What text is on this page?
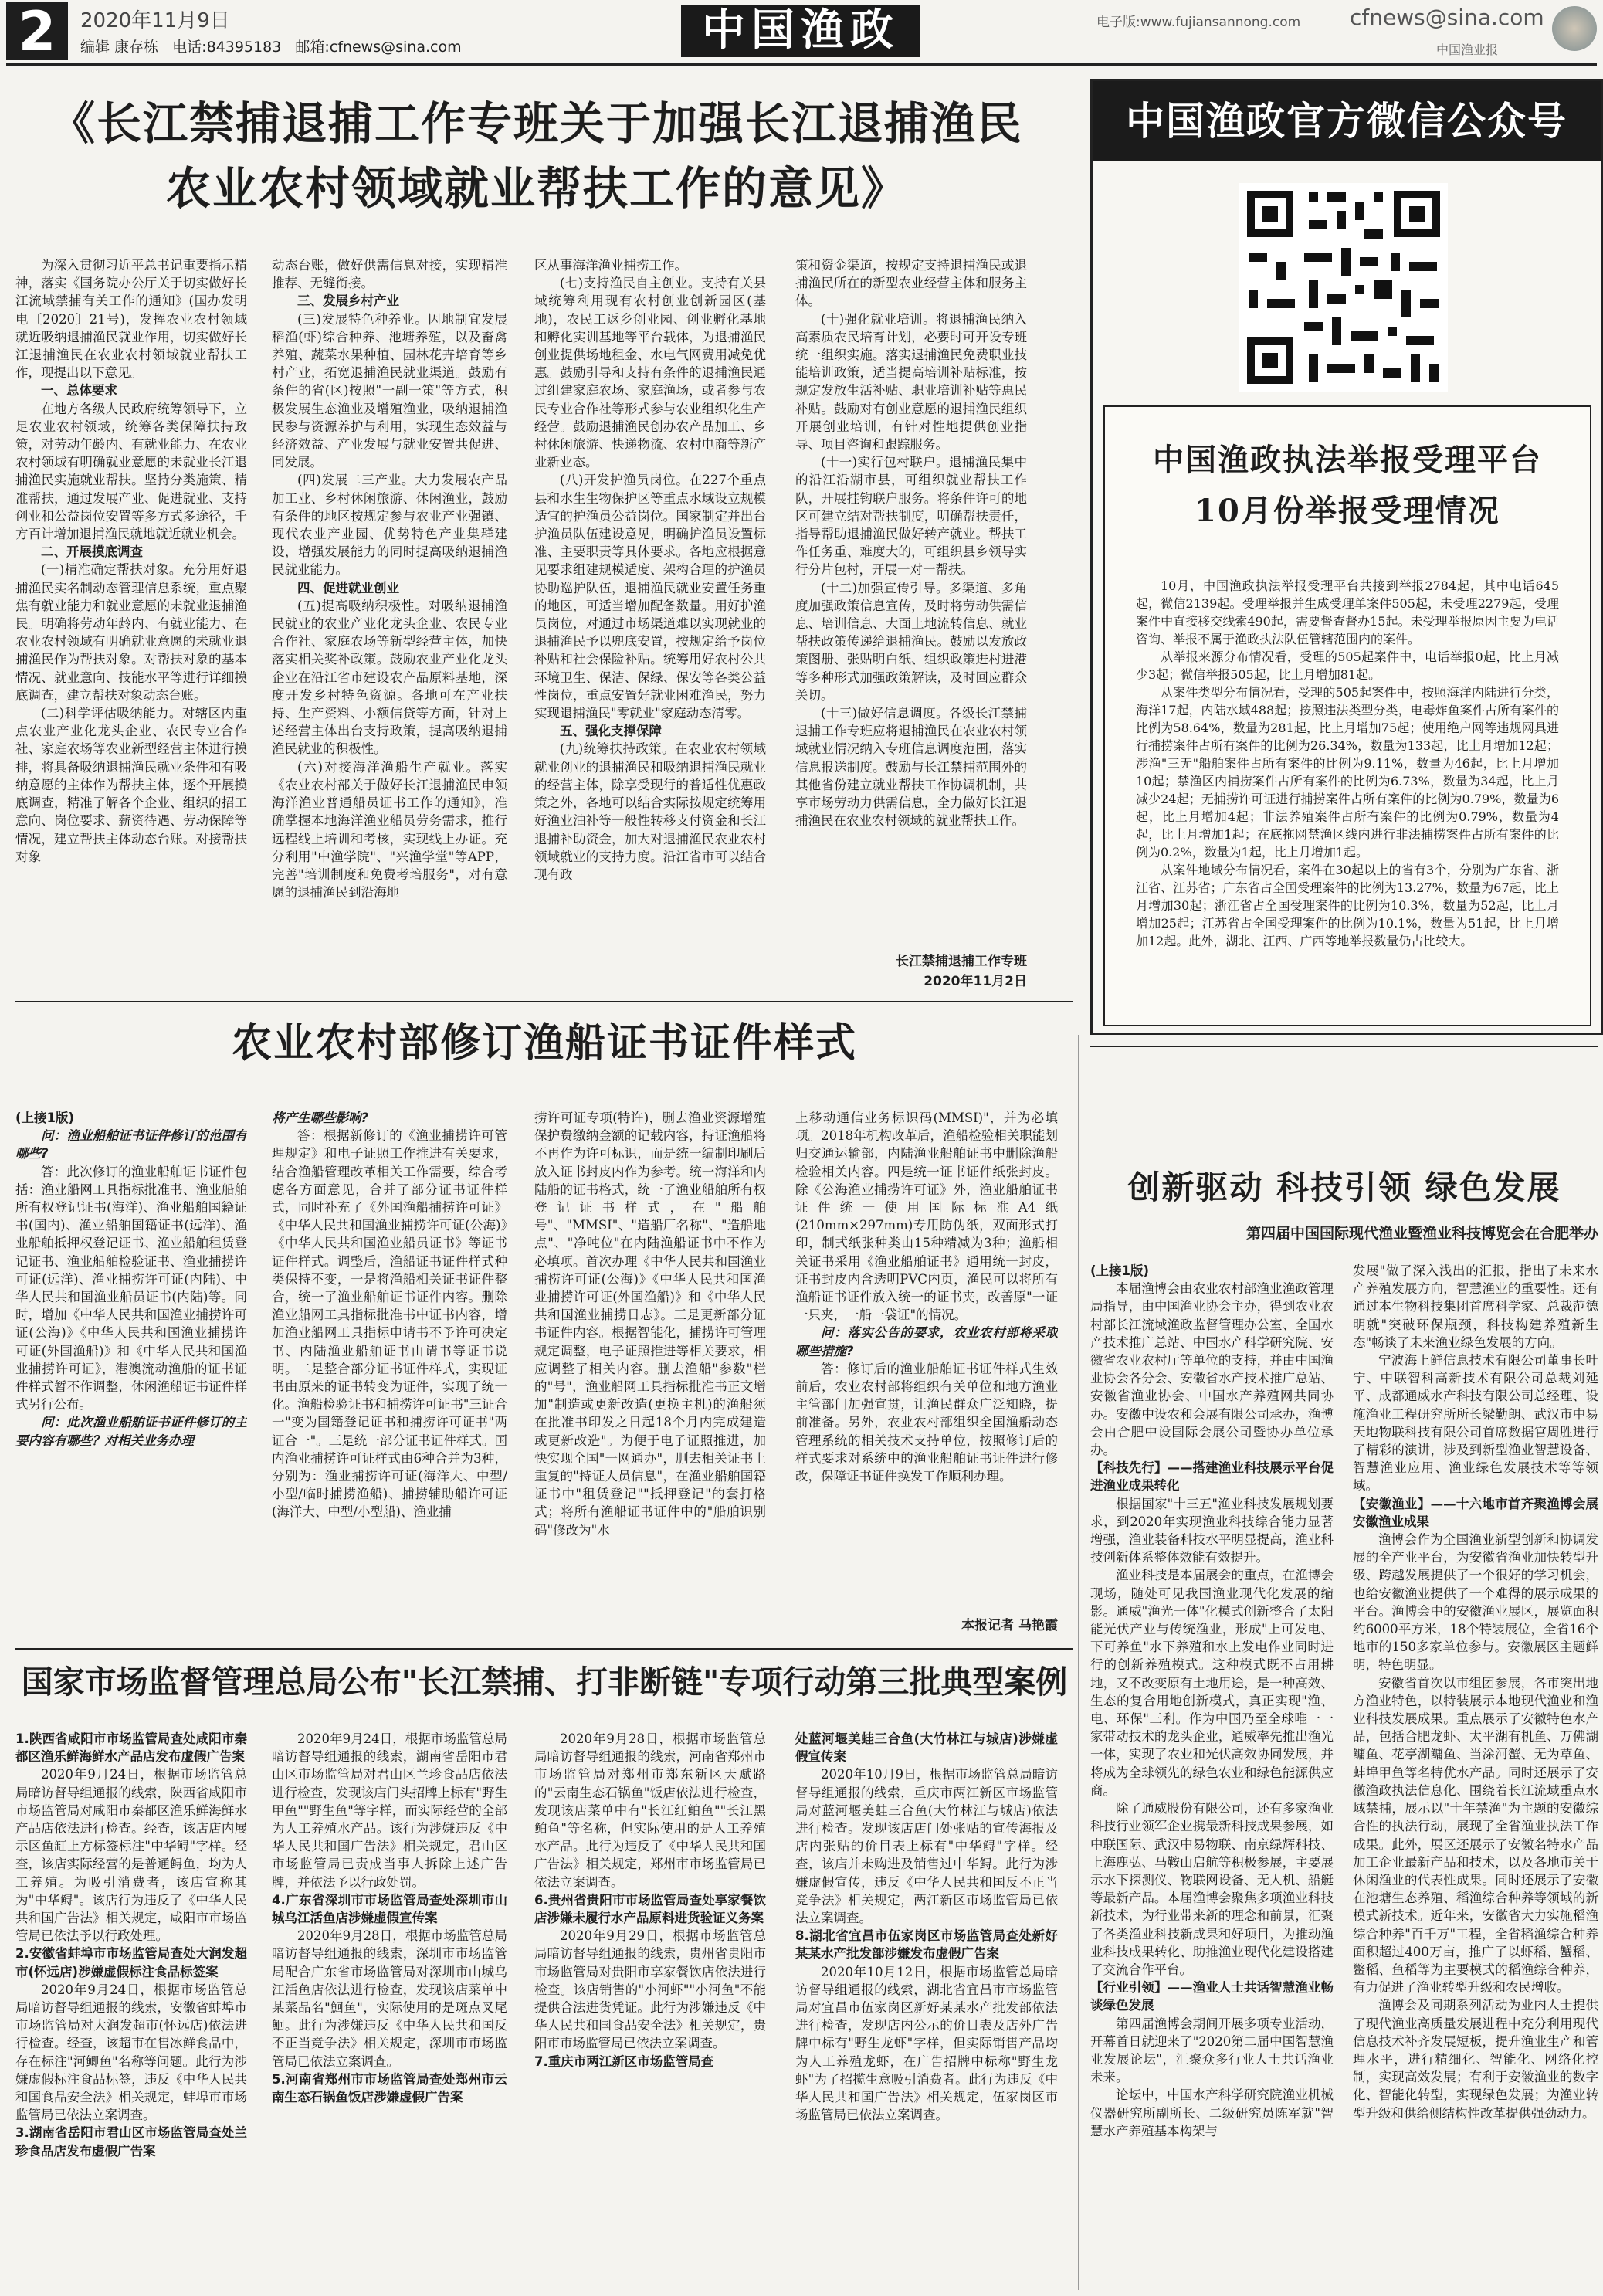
2	2020年11月9日
编辑 康存栋 电话:84395183 邮箱:cfnews@sina.com	中国渔政	电子版:www.fujiansannong.com cfnews@sina.com
中国渔业报
《长江禁捕退捕工作专班关于加强长江退捕渔民
农业农村领域就业帮扶工作的意见》

为深入贯彻习近平总书记重要指示精神，落实《国务院办公厅关于切实做好长江流域禁捕有关工作的通知》(国办发明电〔2020〕21号)，发挥农业农村领域就近吸纳退捕渔民就业作用，切实做好长江退捕渔民在农业农村领域就业帮扶工作，现提出以下意见。

一、总体要求

在地方各级人民政府统筹领导下，立足农业农村领域，统筹各类保障扶持政策，对劳动年龄内、有就业能力、在农业农村领域有明确就业意愿的未就业长江退捕渔民实施就业帮扶。坚持分类施策、精准帮扶，通过发展产业、促进就业、支持创业和公益岗位安置等多方式多途径，千方百计增加退捕渔民就地就近就业机会。

二、开展摸底调查

(一)精准确定帮扶对象。充分用好退捕渔民实名制动态管理信息系统，重点聚焦有就业能力和就业意愿的未就业退捕渔民。明确将劳动年龄内、有就业能力、在农业农村领域有明确就业意愿的未就业退捕渔民作为帮扶对象。对帮扶对象的基本情况、就业意向、技能水平等进行详细摸底调查，建立帮扶对象动态台账。

(二)科学评估吸纳能力。对辖区内重点农业产业化龙头企业、农民专业合作社、家庭农场等农业新型经营主体进行摸排，将具备吸纳退捕渔民就业条件和有吸纳意愿的主体作为帮扶主体，逐个开展摸底调查，精准了解各个企业、组织的招工意向、岗位要求、薪资待遇、劳动保障等情况，建立帮扶主体动态台账。对接帮扶对象

动态台账，做好供需信息对接，实现精准推荐、无缝衔接。

三、发展乡村产业

(三)发展特色种养业。因地制宜发展稻渔(虾)综合种养、池塘养殖，以及畜禽养殖、蔬菜水果种植、园林花卉培育等乡村产业，拓宽退捕渔民就业渠道。鼓励有条件的省(区)按照"一副一策"等方式，积极发展生态渔业及增殖渔业，吸纳退捕渔民参与资源养护与利用，实现生态效益与经济效益、产业发展与就业安置共促进、同发展。

(四)发展二三产业。大力发展农产品加工业、乡村休闲旅游、休闲渔业，鼓励有条件的地区按规定参与农业产业强镇、现代农业产业园、优势特色产业集群建设，增强发展能力的同时提高吸纳退捕渔民就业能力。

四、促进就业创业

(五)提高吸纳积极性。对吸纳退捕渔民就业的农业产业化龙头企业、农民专业合作社、家庭农场等新型经营主体，加快落实相关奖补政策。鼓励农业产业化龙头企业在沿江省市建设农产品原料基地，深度开发乡村特色资源。各地可在产业扶持、生产资料、小额信贷等方面，针对上述经营主体出台支持政策，提高吸纳退捕渔民就业的积极性。

(六)对接海洋渔船生产就业。落实《农业农村部关于做好长江退捕渔民申领海洋渔业普通船员证书工作的通知》，准确掌握本地海洋渔业船员劳务需求，推行远程线上培训和考核，实现线上办证。充分利用"中渔学院"、"兴渔学堂"等APP，完善"培训制度和免费考培服务"，对有意愿的退捕渔民到沿海地

区从事海洋渔业捕捞工作。

(七)支持渔民自主创业。支持有关县域统筹利用现有农村创业创新园区(基地)，农民工返乡创业园、创业孵化基地和孵化实训基地等平台载体，为退捕渔民创业提供场地租金、水电气网费用减免优惠。鼓励引导和支持有条件的退捕渔民通过组建家庭农场、家庭渔场，或者参与农民专业合作社等形式参与农业组织化生产经营。鼓励退捕渔民创办农产品加工、乡村休闲旅游、快递物流、农村电商等新产业新业态。

(八)开发护渔员岗位。在227个重点县和水生生物保护区等重点水域设立规模适宜的护渔员公益岗位。国家制定并出台护渔员队伍建设意见，明确护渔员设置标准、主要职责等具体要求。各地应根据意见要求组建规模适度、架构合理的护渔员协助巡护队伍，退捕渔民就业安置任务重的地区，可适当增加配备数量。用好护渔员岗位，对通过市场渠道难以实现就业的退捕渔民予以兜底安置，按规定给予岗位补贴和社会保险补贴。统筹用好农村公共环境卫生、保洁、保绿、保安等各类公益性岗位，重点安置好就业困难渔民，努力实现退捕渔民"零就业"家庭动态清零。

五、强化支撑保障

(九)统筹扶持政策。在农业农村领域就业创业的退捕渔民和吸纳退捕渔民就业的经营主体，除享受现行的普适性优惠政策之外，各地可以结合实际按规定统筹用好渔业油补等一般性转移支付资金和长江退捕补助资金，加大对退捕渔民农业农村领域就业的支持力度。沿江省市可以结合现有政

策和资金渠道，按规定支持退捕渔民或退捕渔民所在的新型农业经营主体和服务主体。

(十)强化就业培训。将退捕渔民纳入高素质农民培育计划，必要时可开设专班统一组织实施。落实退捕渔民免费职业技能培训政策，适当提高培训补贴标准，按规定发放生活补贴、职业培训补贴等惠民补贴。鼓励对有创业意愿的退捕渔民组织开展创业培训，有针对性地提供创业指导、项目咨询和跟踪服务。

(十一)实行包村联户。退捕渔民集中的沿江沿湖市县，可组织就业帮扶工作队，开展挂钩联户服务。将条件许可的地区可建立结对帮扶制度，明确帮扶责任，指导帮助退捕渔民做好转产就业。帮扶工作任务重、难度大的，可组织县乡领导实行分片包村，开展一对一帮扶。

(十二)加强宣传引导。多渠道、多角度加强政策信息宣传，及时将劳动供需信息、培训信息、大面上地流转信息、就业帮扶政策传递给退捕渔民。鼓励以发放政策图册、张贴明白纸、组织政策进村进港等多种形式加强政策解读，及时回应群众关切。

(十三)做好信息调度。各级长江禁捕退捕工作专班应将退捕渔民在农业农村领域就业情况纳入专班信息调度范围，落实信息报送制度。鼓励与长江禁捕范围外的其他省份建立就业帮扶工作协调机制，共享市场劳动力供需信息，全力做好长江退捕渔民在农业农村领域的就业帮扶工作。

长江禁捕退捕工作专班
2020年11月2日
中国渔政官方微信公众号
中国渔政执法举报受理平台
10月份举报受理情况

10月，中国渔政执法举报受理平台共接到举报2784起，其中电话645起，微信2139起。受理举报并生成受理单案件505起，未受理2279起，受理案件中直接移交线索490起，需要督查督办15起。未受理举报原因主要为电话咨询、举报不属于渔政执法队伍管辖范围内的案件。

从举报来源分布情况看，受理的505起案件中，电话举报0起，比上月减少3起；微信举报505起，比上月增加81起。

从案件类型分布情况看，受理的505起案件中，按照海洋内陆进行分类，海洋17起，内陆水域488起；按照违法类型分类，电毒炸鱼案件占所有案件的比例为58.64%，数量为281起，比上月增加75起；使用绝户网等违规网具进行捕捞案件占所有案件的比例为26.34%，数量为133起，比上月增加12起；涉渔"三无"船舶案件占所有案件的比例为9.11%，数量为46起，比上月增加10起；禁渔区内捕捞案件占所有案件的比例为6.73%，数量为34起，比上月减少24起；无捕捞许可证进行捕捞案件占所有案件的比例为0.79%，数量为6起，比上月增加4起；非法养殖案件占所有案件的比例为0.79%，数量为4起，比上月增加1起；在底拖网禁渔区线内进行非法捕捞案件占所有案件的比例为0.2%，数量为1起，比上月增加1起。

从案件地域分布情况看，案件在30起以上的省有3个，分别为广东省、浙江省、江苏省；广东省占全国受理案件的比例为13.27%，数量为67起，比上月增加30起；浙江省占全国受理案件的比例为10.3%，数量为52起，比上月增加25起；江苏省占全国受理案件的比例为10.1%，数量为51起，比上月增加12起。此外，湖北、江西、广西等地举报数量仍占比较大。

农业农村部修订渔船证书证件样式

(上接1版)

问：渔业船舶证书证件修订的范围有哪些?

答：此次修订的渔业船舶证书证件包括：渔业船网工具指标批准书、渔业船舶所有权登记证书(海洋)、渔业船舶国籍证书(国内)、渔业船舶国籍证书(远洋)、渔业船舶抵押权登记证书、渔业船舶租赁登记证书、渔业船舶检验证书、渔业捕捞许可证(远洋)、渔业捕捞许可证(内陆)、中华人民共和国渔业船员证书(内陆)等。同时，增加《中华人民共和国渔业捕捞许可证(公海)》《中华人民共和国渔业捕捞许可证(外国渔船)》和《中华人民共和国渔业捕捞许可证》，港澳流动渔船的证书证件样式暂不作调整，休闲渔船证书证件样式另行公布。

问：此次渔业船舶证书证件修订的主要内容有哪些？对相关业务办理

将产生哪些影响?

答：根据新修订的《渔业捕捞许可管理规定》和电子证照工作推进有关要求，结合渔船管理改革相关工作需要，综合考虑各方面意见，合并了部分证书证件样式，同时补充了《外国渔船捕捞许可证》《中华人民共和国渔业捕捞许可证(公海)》《中华人民共和国渔业船员证书》等证书证件样式。调整后，渔船证书证件样式种类保持不变，一是将渔船相关证书证件整合，统一了渔业船舶证书证件内容。删除渔业船网工具指标批准书中证书内容，增加渔业船网工具指标申请书不予许可决定书、内陆渔业船舶证书由请书等证书说明。二是整合部分证书证件样式，实现证书由原来的证书转变为证件，实现了统一化。渔船检验证书和捕捞许可证书"三证合一"变为国籍登记证书和捕捞许可证书"两证合一"。三是统一部分证书证件样式。国内渔业捕捞许可证样式由6种合并为3种，分别为：渔业捕捞许可证(海洋大、中型/小型/临时捕捞渔船)、捕捞辅助船许可证(海洋大、中型/小型船)、渔业捕

捞许可证专项(特许)，删去渔业资源增殖保护费缴纳金额的记载内容，持证渔船将不再作为许可标识，而是统一编制印刷后放入证书封皮内作为参考。统一海洋和内陆船的证书格式，统一了渔业船舶所有权登记证书样式，在"船舶号"、"MMSI"、"造船厂名称"、"造船地点"、"净吨位"在内陆渔船证书中不作为必填项。首次办理《中华人民共和国渔业捕捞许可证(公海)》《中华人民共和国渔业捕捞许可证(外国渔船)》和《中华人民共和国渔业捕捞日志》。三是更新部分证书证件内容。根据智能化，捕捞许可管理规定调整，电子证照推进等相关要求，相应调整了相关内容。删去渔船"参数"栏的"号"，渔业船网工具指标批准书正文增加"制造或更新改造(更换主机)的渔船须在批准书印发之日起18个月内完成建造或更新改造"。为便于电子证照推进，加快实现全国"一网通办"，删去相关证书上重复的"持证人员信息"，在渔业船舶国籍证书中"租赁登记""抵押登记"的套打格式；将所有渔船证书证件中的"船舶识别码"修改为"水

上移动通信业务标识码(MMSI)"，并为必填项。2018年机构改革后，渔船检验相关职能划归交通运输部，内陆渔业船舶证书中删除渔船检验相关内容。四是统一证书证件纸张封皮。除《公海渔业捕捞许可证》外，渔业船舶证书证件统一使用国际标准A4纸(210mm×297mm)专用防伪纸，双面形式打印，制式纸张种类由15种精减为3种；渔船相关证书采用《渔业船舶证书》通用统一封皮，证书封皮内含透明PVC内页，渔民可以将所有渔船证书证件放入统一的证书夹，改善原"一证一只夹，一船一袋证"的情况。

问：落实公告的要求，农业农村部将采取哪些措施?

答：修订后的渔业船舶证书证件样式生效前后，农业农村部将组织有关单位和地方渔业主管部门加强宣贯，让渔民群众广泛知晓，提前准备。另外，农业农村部组织全国渔船动态管理系统的相关技术支持单位，按照修订后的样式要求对系统中的渔业船舶证书证件进行修改，保障证书证件换发工作顺利办理。

本报记者 马艳霞
创新驱动 科技引领 绿色发展
第四届中国国际现代渔业暨渔业科技博览会在合肥举办

(上接1版)

本届渔博会由农业农村部渔业渔政管理局指导，由中国渔业协会主办，得到农业农村部长江流域渔政监督管理办公室、全国水产技术推广总站、中国水产科学研究院、安徽省农业农村厅等单位的支持，并由中国渔业协会各分会、安徽省水产技术推广总站、安徽省渔业协会、中国水产养殖网共同协办。安徽中设农和会展有限公司承办，渔博会由合肥中设国际会展公司暨协办单位承办。

【科技先行】——搭建渔业科技展示平台促进渔业成果转化

根据国家"十三五"渔业科技发展规划要求，到2020年实现渔业科技综合能力显著增强，渔业装备科技水平明显提高，渔业科技创新体系整体效能有效提升。

渔业科技是本届展会的重点，在渔博会现场，随处可见我国渔业现代化发展的缩影。通威"渔光一体"化模式创新整合了太阳能光伏产业与传统渔业，形成"上可发电、下可养鱼"水下养殖和水上发电作业同时进行的创新养殖模式。这种模式既不占用耕地，又不改变原有土地用途，是一种高效、生态的复合用地创新模式，真正实现"渔、电、环保"三利。作为中国乃至全球唯一一家带动技术的龙头企业，通威率先推出渔光一体，实现了农业和光伏高效协同发展，并将成为全球领先的绿色农业和绿色能源供应商。

除了通威股份有限公司，还有多家渔业科技行业领军企业携最新科技成果参展，如中联国际、武汉中易物联、南京绿辉科技、上海鹿弘、马鞍山启航等积极参展，主要展示水下探测仪、物联网设备、无人机、船艇等最新产品。本届渔博会聚焦多项渔业科技新技术，为行业带来新的理念和前景，汇聚了各类渔业科技新成果和好项目，为推动渔业科技成果转化、助推渔业现代化建设搭建了交流合作平台。

【行业引领】——渔业人士共话智慧渔业畅谈绿色发展

第四届渔博会期间开展多项专业活动，开幕首日就迎来了"2020第二届中国智慧渔业发展论坛"，汇聚众多行业人士共话渔业未来。

论坛中，中国水产科学研究院渔业机械仪器研究所副所长、二级研究员陈军就"智慧水产养殖基本构架与

发展"做了深入浅出的汇报，指出了未来水产养殖发展方向，智慧渔业的重要性。还有通过本生物科技集团首席科学家、总裁范德明就"突破环保瓶颈，科技构建养殖新生态"畅谈了未来渔业绿色发展的方向。

宁波海上鲜信息技术有限公司董事长叶宁、中联智科高新技术有限公司总裁刘延平、成都通威水产科技有限公司总经理、设施渔业工程研究所所长梁勤朗、武汉市中易天地物联科技有限公司首席数据官周胜进行了精彩的演讲，涉及到新型渔业智慧设备、智慧渔业应用、渔业绿色发展技术等等领域。

【安徽渔业】——十六地市首齐聚渔博会展安徽渔业成果

渔博会作为全国渔业新型创新和协调发展的全产业平台，为安徽省渔业加快转型升级、跨越发展提供了一个很好的学习机会，也给安徽渔业提供了一个难得的展示成果的平台。渔博会中的安徽渔业展区，展览面积约6000平方米，18个特装展位，全省16个地市的150多家单位参与。安徽展区主题鲜明，特色明显。

安徽省首次以市组团参展，各市突出地方渔业特色，以特装展示本地现代渔业和渔业科技发展成果。重点展示了安徽特色水产品，包括合肥龙虾、太平湖有机鱼、万佛湖鳙鱼、花亭湖鳙鱼、当涂河蟹、无为草鱼、蚌埠甲鱼等名特优水产品。同时还展示了安徽渔政执法信息化、围绕着长江流域重点水域禁捕，展示以"十年禁渔"为主题的安徽综合性的执法行动，展现了全省渔业执法工作成果。此外，展区还展示了安徽名特水产品加工企业最新产品和技术，以及各地市关于休闲渔业的代表性成果。同时还展示了安徽在池塘生态养殖、稻渔综合种养等领域的新模式新技术。近年来，安徽省大力实施稻渔综合种养"百千万"工程，全省稻渔综合种养面积超过400万亩，推广了以虾稻、蟹稻、鳖稻、鱼稻等为主要模式的稻渔综合种养，有力促进了渔业转型升级和农民增收。

渔博会及同期系列活动为业内人士提供了现代渔业高质量发展进程中充分利用现代信息技术补齐发展短板，提升渔业生产和管理水平，进行精细化、智能化、网络化控制，实现高效发展；有利于安徽渔业的数字化、智能化转型，实现绿色发展；为渔业转型升级和供给侧结构性改革提供强劲动力。

国家市场监督管理总局公布"长江禁捕、打非断链"专项行动第三批典型案例

1.陕西省咸阳市市场监管局查处咸阳市秦都区渔乐鲜海鲜水产品店发布虚假广告案

2020年9月24日，根据市场监管总局暗访督导组通报的线索，陕西省咸阳市市场监管局对咸阳市秦都区渔乐鲜海鲜水产品店依法进行检查。经查，该店店内展示区鱼缸上方标签标注"中华鲟"字样。经查，该店实际经营的是普通鲟鱼，均为人工养殖。为吸引消费者，该店宣称其为"中华鲟"。该店行为违反了《中华人民共和国广告法》相关规定，咸阳市市场监管局已依法予以行政处理。

2.安徽省蚌埠市市场监管局查处大润发超市(怀远店)涉嫌虚假标注食品标签案

2020年9月24日，根据市场监管总局暗访督导组通报的线索，安徽省蚌埠市市场监管局对大润发超市(怀远店)依法进行检查。经查，该超市在售冰鲜食品中，存在标注"河鲫鱼"名称等问题。此行为涉嫌虚假标注食品标签，违反《中华人民共和国食品安全法》相关规定，蚌埠市市场监管局已依法立案调查。

3.湖南省岳阳市君山区市场监管局查处兰珍食品店发布虚假广告案

2020年9月24日，根据市场监管总局暗访督导组通报的线索，湖南省岳阳市君山区市场监管局对君山区兰珍食品店依法进行检查，发现该店门头招牌上标有"野生甲鱼""野生鱼"等字样，而实际经营的全部为人工养殖水产品。该行为涉嫌违反《中华人民共和国广告法》相关规定，君山区市场监管局已责成当事人拆除上述广告牌，并依法予以行政处罚。

4.广东省深圳市市场监管局查处深圳市山城乌江活鱼店涉嫌虚假宣传案

2020年9月28日，根据市场监管总局暗访督导组通报的线索，深圳市市场监管局配合广东省市场监管局对深圳市山城乌江活鱼店依法进行检查，发现该店菜单中某菜品名"鮰鱼"，实际使用的是斑点叉尾鮰。此行为涉嫌违反《中华人民共和国反不正当竞争法》相关规定，深圳市市场监管局已依法立案调查。

5.河南省郑州市市场监管局查处郑州市云南生态石锅鱼饭店涉嫌虚假广告案

2020年9月28日，根据市场监管总局暗访督导组通报的线索，河南省郑州市市场监管局对郑州市郑东新区天赋路的"云南生态石锅鱼"饭店依法进行检查，发现该店菜单中有"长江红鲌鱼""长江黑鲌鱼"等名称，但实际使用的是人工养殖水产品。此行为违反了《中华人民共和国广告法》相关规定，郑州市市场监管局已依法立案调查。

6.贵州省贵阳市市场监管局查处享家餐饮店涉嫌未履行水产品原料进货验证义务案

2020年9月29日，根据市场监管总局暗访督导组通报的线索，贵州省贵阳市市场监管局对贵阳市享家餐饮店依法进行检查。该店销售的"小河虾""小河鱼"不能提供合法进货凭证。此行为涉嫌违反《中华人民共和国食品安全法》相关规定，贵阳市市场监管局已依法立案调查。

7.重庆市两江新区市场监管局查

处蓝河堰美蛙三合鱼(大竹林江与城店)涉嫌虚假宣传案

2020年10月9日，根据市场监管总局暗访督导组通报的线索，重庆市两江新区市场监管局对蓝河堰美蛙三合鱼(大竹林江与城店)依法进行检查。发现该店店门处张贴的宣传海报及店内张贴的价目表上标有"中华鲟"字样。经查，该店并未购进及销售过中华鲟。此行为涉嫌虚假宣传，违反《中华人民共和国反不正当竞争法》相关规定，两江新区市场监管局已依法立案调查。

8.湖北省宜昌市伍家岗区市场监管局查处新好某某水产批发部涉嫌发布虚假广告案

2020年10月12日，根据市场监管总局暗访督导组通报的线索，湖北省宜昌市市场监管局对宜昌市伍家岗区新好某某水产批发部依法进行检查，发现店内公示的价目表及店外广告牌中标有"野生龙虾"字样，但实际销售产品均为人工养殖龙虾，在广告招牌中标称"野生龙虾"为了招揽生意吸引消费者。此行为违反《中华人民共和国广告法》相关规定，伍家岗区市场监管局已依法立案调查。
